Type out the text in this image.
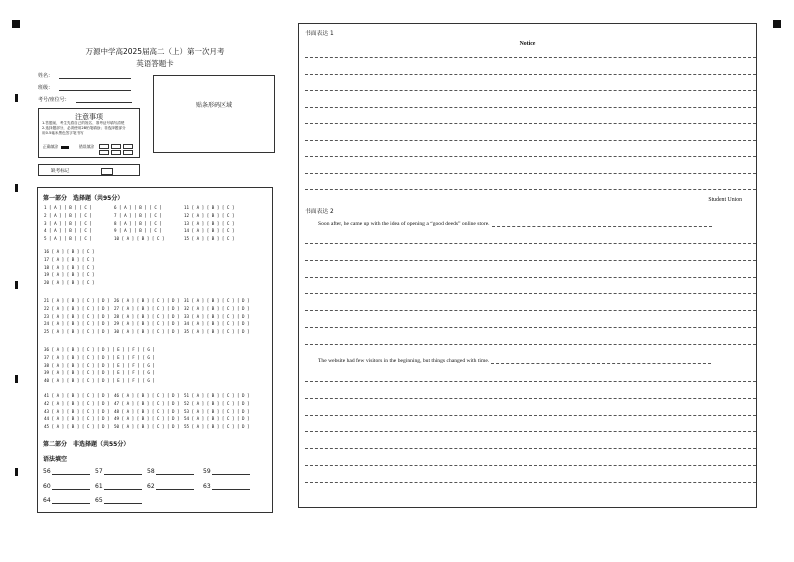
万源中学高2025届高二（上）第一次月考
英语答题卡
姓名：
班级：
考号/座位号：
贴条形码区域
注意事项
1.答题前，考生先将自己的姓名、准考证号填写清楚
2.选择题部分，必须使用2B铅笔填涂；非选择题部分
用0.5毫米黑色签字笔书写
正确填涂	错误填涂
缺考标记
第一部分　选择题（共95分）
1 [ A ] [ B ] [ C ]
2 [ A ] [ B ] [ C ]
3 [ A ] [ B ] [ C ]
4 [ A ] [ B ] [ C ]
5 [ A ] [ B ] [ C ]
6 [ A ] [ B ] [ C ]
7 [ A ] [ B ] [ C ]
8 [ A ] [ B ] [ C ]
9 [ A ] [ B ] [ C ]
10 [ A ] [ B ] [ C ]
11 [ A ] [ B ] [ C ]
12 [ A ] [ B ] [ C ]
13 [ A ] [ B ] [ C ]
14 [ A ] [ B ] [ C ]
15 [ A ] [ B ] [ C ]
16 [ A ] [ B ] [ C ]
17 [ A ] [ B ] [ C ]
18 [ A ] [ B ] [ C ]
19 [ A ] [ B ] [ C ]
20 [ A ] [ B ] [ C ]
21 [ A ] [ B ] [ C ] [ D ]
22 [ A ] [ B ] [ C ] [ D ]
23 [ A ] [ B ] [ C ] [ D ]
24 [ A ] [ B ] [ C ] [ D ]
25 [ A ] [ B ] [ C ] [ D ]
26 [ A ] [ B ] [ C ] [ D ]
27 [ A ] [ B ] [ C ] [ D ]
28 [ A ] [ B ] [ C ] [ D ]
29 [ A ] [ B ] [ C ] [ D ]
30 [ A ] [ B ] [ C ] [ D ]
31 [ A ] [ B ] [ C ] [ D ]
32 [ A ] [ B ] [ C ] [ D ]
33 [ A ] [ B ] [ C ] [ D ]
34 [ A ] [ B ] [ C ] [ D ]
35 [ A ] [ B ] [ C ] [ D ]
36 [ A ] [ B ] [ C ] [ D ] [ E ] [ F ] [ G ]
37 [ A ] [ B ] [ C ] [ D ] [ E ] [ F ] [ G ]
38 [ A ] [ B ] [ C ] [ D ] [ E ] [ F ] [ G ]
39 [ A ] [ B ] [ C ] [ D ] [ E ] [ F ] [ G ]
40 [ A ] [ B ] [ C ] [ D ] [ E ] [ F ] [ G ]
41 [ A ] [ B ] [ C ] [ D ]
42 [ A ] [ B ] [ C ] [ D ]
43 [ A ] [ B ] [ C ] [ D ]
44 [ A ] [ B ] [ C ] [ D ]
45 [ A ] [ B ] [ C ] [ D ]
46 [ A ] [ B ] [ C ] [ D ]
47 [ A ] [ B ] [ C ] [ D ]
48 [ A ] [ B ] [ C ] [ D ]
49 [ A ] [ B ] [ C ] [ D ]
50 [ A ] [ B ] [ C ] [ D ]
51 [ A ] [ B ] [ C ] [ D ]
52 [ A ] [ B ] [ C ] [ D ]
53 [ A ] [ B ] [ C ] [ D ]
54 [ A ] [ B ] [ C ] [ D ]
55 [ A ] [ B ] [ C ] [ D ]
第二部分　非选择题（共55分）
语法填空
56	57	58	59
60	61	62	63
64	65
书面表达 1
Notice
Student Union
书面表达 2
Soon after, he came up with the idea of opening a “good deeds” online store.
The website had few visitors in the beginning, but things changed with time.
